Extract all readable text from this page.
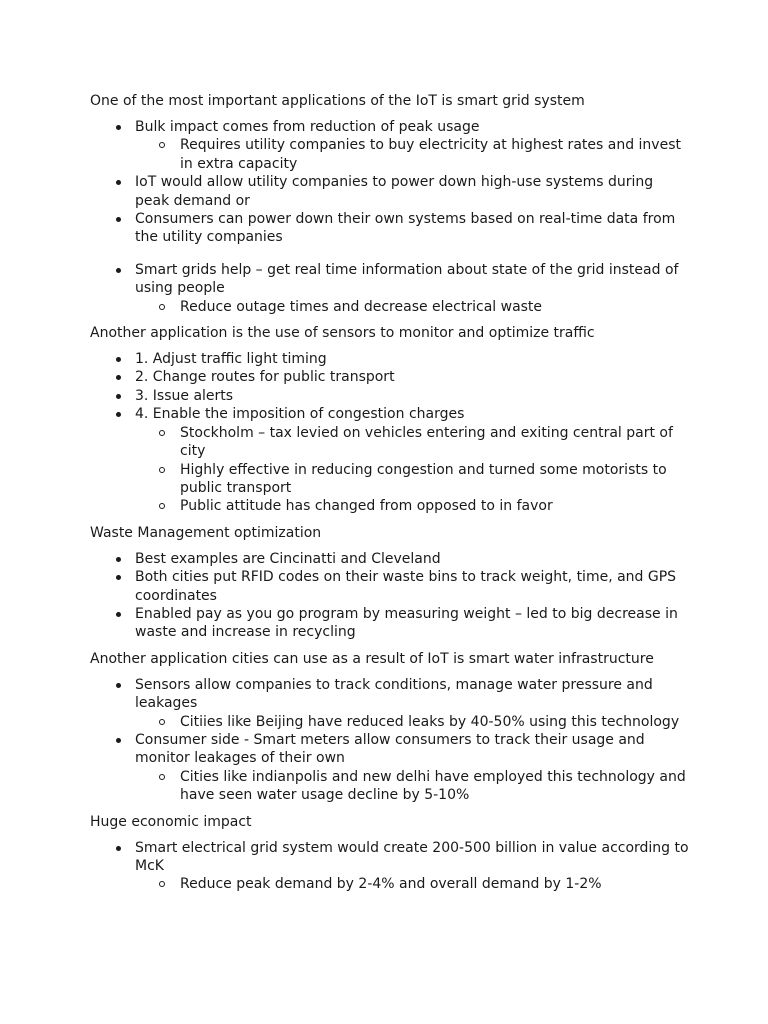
One of the most important applications of the IoT is smart grid system

Bulk impact comes from reduction of peak usage
Requires utility companies to buy electricity at highest rates and invest in extra capacity
IoT would allow utility companies to power down high-use systems during peak demand or
Consumers can power down their own systems based on real-time data from the utility companies
Smart grids help – get real time information about state of the grid instead of using people
Reduce outage times and decrease electrical waste

Another application is the use of sensors to monitor and optimize traffic

1. Adjust traffic light timing
2. Change routes for public transport
3. Issue alerts
4. Enable the imposition of congestion charges
Stockholm – tax levied on vehicles entering and exiting central part of city
Highly effective in reducing congestion and turned some motorists to public transport
Public attitude has changed from opposed to in favor

Waste Management optimization

Best examples are Cincinatti and Cleveland
Both cities put RFID codes on their waste bins to track weight, time, and GPS coordinates
Enabled pay as you go program by measuring weight – led to big decrease in waste and increase in recycling

Another application cities can use as a result of IoT is smart water infrastructure

Sensors allow companies to track conditions, manage water pressure and leakages
Citiies like Beijing have reduced leaks by 40-50% using this technology
Consumer side - Smart meters allow consumers to track their usage and monitor leakages of their own
Cities like indianpolis and new delhi have employed this technology and have seen water usage decline by 5-10%

Huge economic impact

Smart electrical grid system would create 200-500 billion in value according to McK
Reduce peak demand by 2-4% and overall demand by 1-2%
